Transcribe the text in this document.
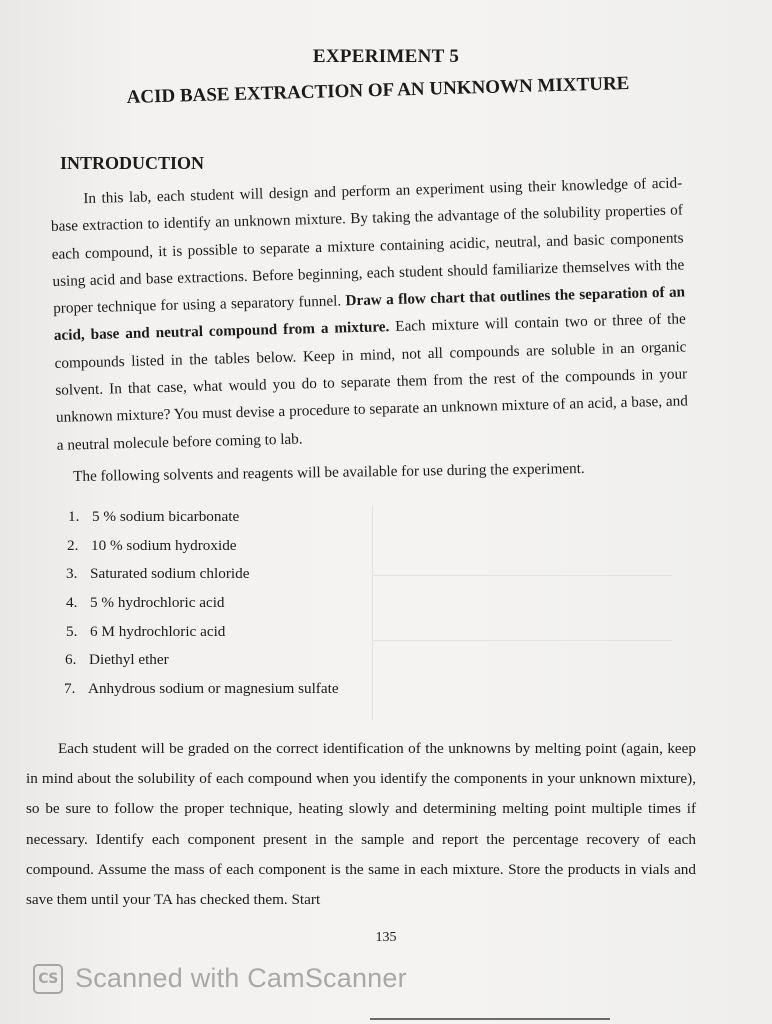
EXPERIMENT 5
ACID BASE EXTRACTION OF AN UNKNOWN MIXTURE
INTRODUCTION

In this lab, each student will design and perform an experiment using their knowledge of acid-base extraction to identify an unknown mixture. By taking the advantage of the solubility properties of each compound, it is possible to separate a mixture containing acidic, neutral, and basic components using acid and base extractions. Before beginning, each student should familiarize themselves with the proper technique for using a separatory funnel. Draw a flow chart that outlines the separation of an acid, base and neutral compound from a mixture. Each mixture will contain two or three of the compounds listed in the tables below. Keep in mind, not all compounds are soluble in an organic solvent. In that case, what would you do to separate them from the rest of the compounds in your unknown mixture? You must devise a procedure to separate an unknown mixture of an acid, a base, and a neutral molecule before coming to lab.

The following solvents and reagents will be available for use during the experiment.
1. 5 % sodium bicarbonate
2. 10 % sodium hydroxide
3. Saturated sodium chloride
4. 5 % hydrochloric acid
5. 6 M hydrochloric acid
6. Diethyl ether
7. Anhydrous sodium or magnesium sulfate

Each student will be graded on the correct identification of the unknowns by melting point (again, keep in mind about the solubility of each compound when you identify the components in your unknown mixture), so be sure to follow the proper technique, heating slowly and determining melting point multiple times if necessary. Identify each component present in the sample and report the percentage recovery of each compound. Assume the mass of each component is the same in each mixture. Store the products in vials and save them until your TA has checked them. Start

135
CS Scanned with CamScanner
